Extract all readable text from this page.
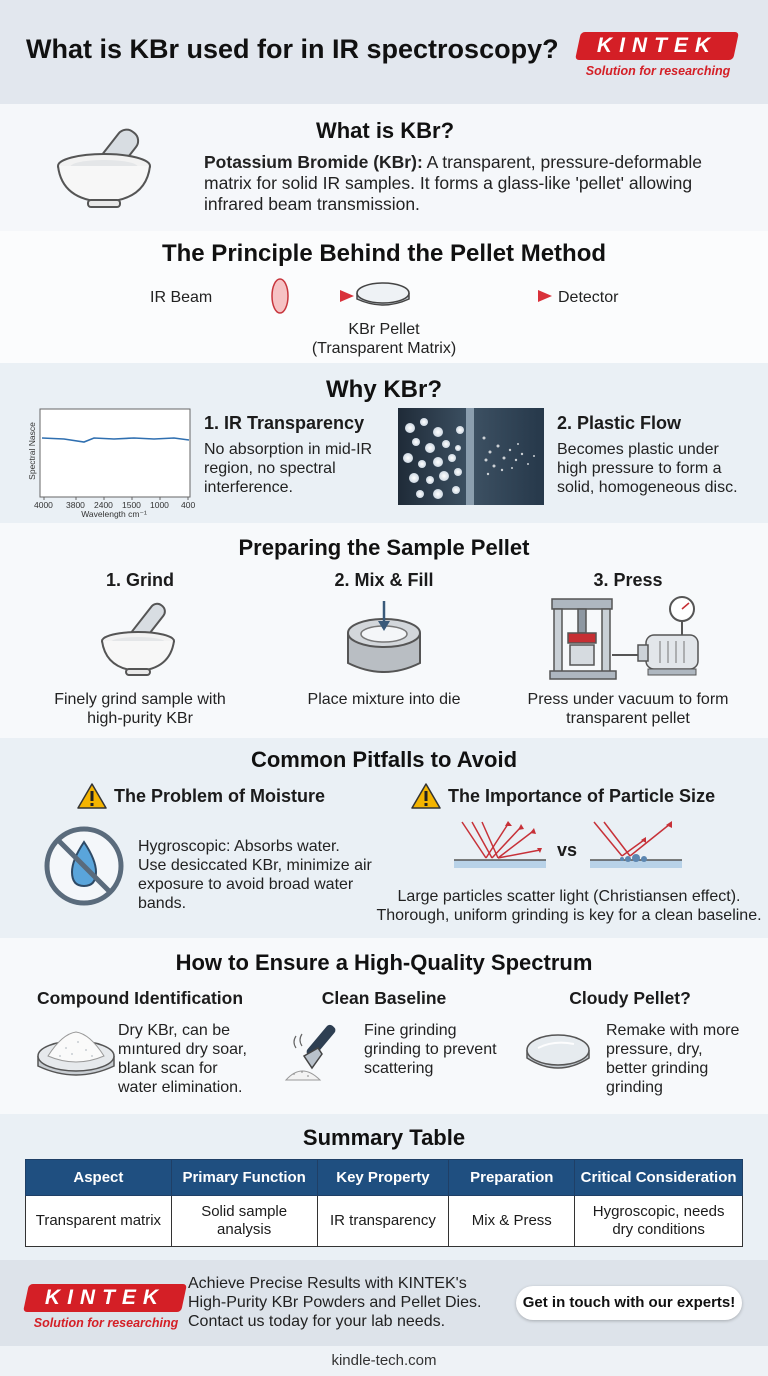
What is KBr used for in IR spectroscopy?	KINTEK
Solution for researching
What is KBr?
Potassium Bromide (KBr): A transparent, pressure-deformable
matrix for solid IR samples. It forms a glass-like 'pellet' allowing
infrared beam transmission.
The Principle Behind the Pellet Method
IR Beam	Detector
KBr Pellet
(Transparent Matrix)
Why KBr?
Spectral Nasce
4000 3800 2400 1500 1000 400
Wavelength cm⁻¹
1. IR Transparency
No absorption in mid-IR
region, no spectral
interference.
2. Plastic Flow
Becomes plastic under
high pressure to form a
solid, homogeneous disc.
Preparing the Sample Pellet
1. Grind	2. Mix & Fill	3. Press
Finely grind sample with
high-purity KBr
Place mixture into die	Press under vacuum to form
transparent pellet
Common Pitfalls to Avoid
The Problem of Moisture
Hygroscopic: Absorbs water.
Use desiccated KBr, minimize air
exposure to avoid broad water
bands.
The Importance of Particle Size
vs
Large particles scatter light (Christiansen effect).
Thorough, uniform grinding is key for a clean baseline.
How to Ensure a High-Quality Spectrum
Compound Identification	Clean Baseline	Cloudy Pellet?
Dry KBr, can be
mıntured dry soar,
blank scan for
water elimination.
Fine grinding
grinding to prevent
scattering
Remake with more
pressure, dry,
better grinding
grinding
Summary Table
Aspect	Primary Function	Key Property	Preparation	Critical Consideration
Transparent matrix	Solid sample analysis	IR transparency	Mix & Press	Hygroscopic, needs dry conditions
KINTEK
Solution for researching
Achieve Precise Results with KINTEK's
High-Purity KBr Powders and Pellet Dies.
Contact us today for your lab needs.
Get in touch with our experts!
kindle-tech.com
